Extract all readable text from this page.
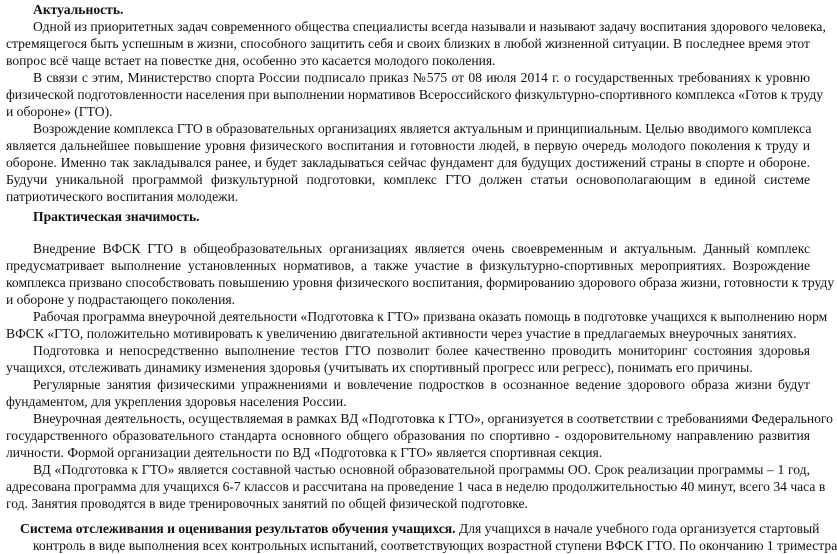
Актуальность.
Одной из приоритетных задач современного общества специалисты всегда называли и называют задачу воспитания здорового человека,
стремящегося быть успешным в жизни, способного защитить себя и своих близких в любой жизненной ситуации. В последнее время этот
вопрос всё чаще встает на повестке дня, особенно это касается молодого поколения.
В связи с этим, Министерство спорта России подписало приказ №575 от 08 июля 2014 г. о государственных требованиях к уровню
физической подготовленности населения при выполнении нормативов Всероссийского физкультурно-спортивного комплекса «Готов к труду
и обороне» (ГТО).
Возрождение комплекса ГТО в образовательных организациях является актуальным и принципиальным. Целью вводимого комплекса
является дальнейшее повышение уровня физического воспитания и готовности людей, в первую очередь молодого поколения к труду и
обороне. Именно так закладывался ранее, и будет закладываться сейчас фундамент для будущих достижений страны в спорте и обороне.
Будучи уникальной программой физкультурной подготовки, комплекс ГТО должен статьи основополагающим в единой системе
патриотического воспитания молодежи.
Практическая значимость.
Внедрение ВФСК ГТО в общеобразовательных организациях является очень своевременным и актуальным. Данный комплекс
предусматривает выполнение установленных нормативов, а также участие в физкультурно-спортивных мероприятиях. Возрождение
комплекса призвано способствовать повышению уровня физического воспитания, формированию здорового образа жизни, готовности к труду
и обороне у подрастающего поколения.
Рабочая программа внеурочной деятельности «Подготовка к ГТО» призвана оказать помощь в подготовке учащихся к выполнению норм
ВФСК «ГТО, положительно мотивировать к увеличению двигательной активности через участие в предлагаемых внеурочных занятиях.
Подготовка и непосредственно выполнение тестов ГТО позволит более качественно проводить мониторинг состояния здоровья
учащихся, отслеживать динамику изменения здоровья (учитывать их спортивный прогресс или регресс), понимать его причины.
Регулярные занятия физическими упражнениями и вовлечение подростков в осознанное ведение здорового образа жизни будут
фундаментом, для укрепления здоровья населения России.
Внеурочная деятельность, осуществляемая в рамках ВД «Подготовка к ГТО», организуется в соответствии с требованиями Федерального
государственного образовательного стандарта основного общего образования по спортивно - оздоровительному направлению развития
личности. Формой организации деятельности по ВД «Подготовка к ГТО» является спортивная секция.
ВД «Подготовка к ГТО» является составной частью основной образовательной программы ОО. Срок реализации программы – 1 год,
адресована программа для учащихся 6-7 классов и рассчитана на проведение 1 часа в неделю продолжительностью 40 минут, всего 34 часа в
год. Занятия проводятся в виде тренировочных занятий по общей физической подготовке.
Система отслеживания и оценивания результатов обучения учащихся. Для учащихся в начале учебного года организуется стартовый
контроль в виде выполнения всех контрольных испытаний, соответствующих возрастной ступени ВФСК ГТО. По окончанию 1 триместра
